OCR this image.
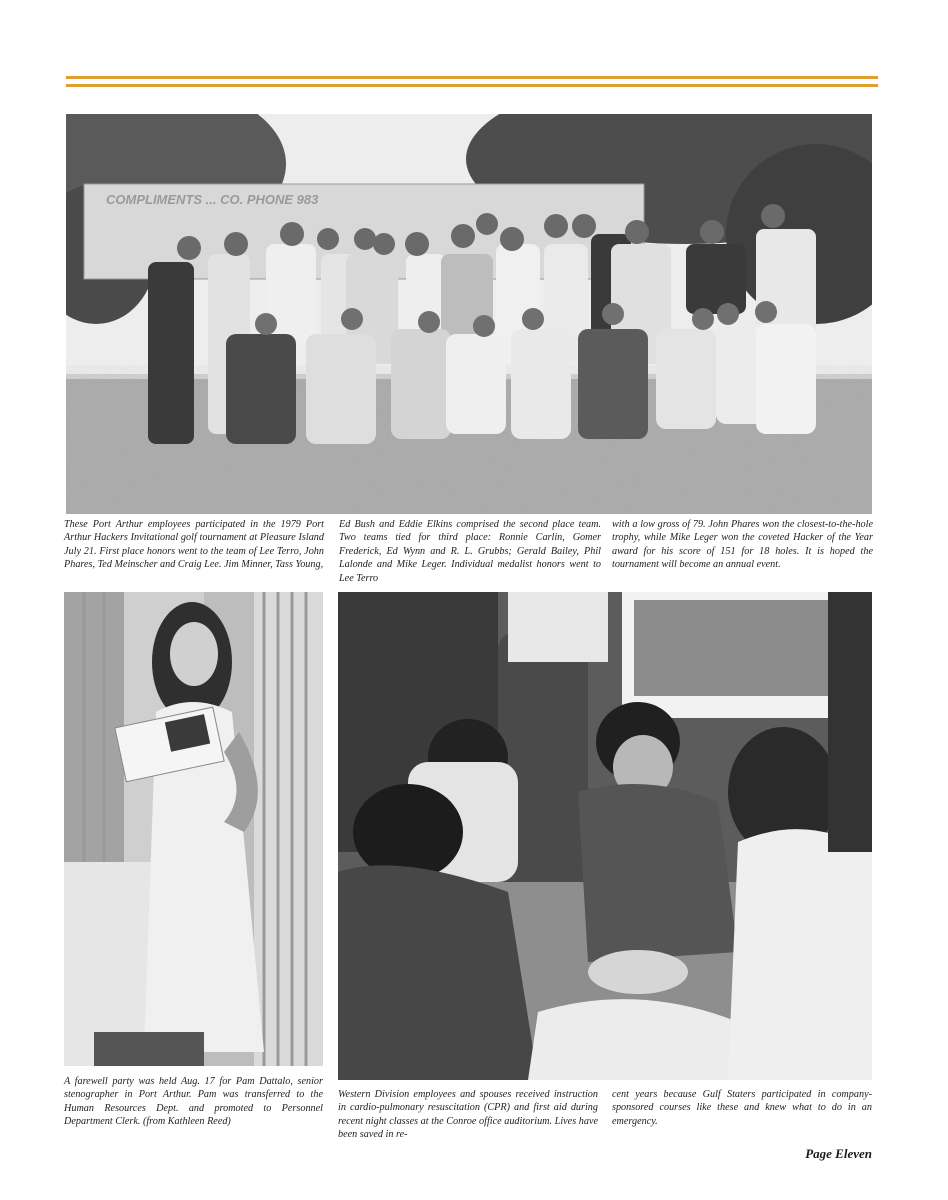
COMPLIMENTS ... CO. PHONE 983
These Port Arthur employees participated in the 1979 Port Arthur Hackers Invitational golf tournament at Pleasure Island July 21. First place honors went to the team of Lee Terro, John Phares, Ted Meinscher and Craig Lee. Jim Minner, Tass Young,
Ed Bush and Eddie Elkins comprised the second place team. Two teams tied for third place: Ronnie Carlin, Gomer Frederick, Ed Wynn and R. L. Grubbs; Gerald Bailey, Phil Lalonde and Mike Leger. Individual medalist honors went to Lee Terro
with a low gross of 79. John Phares won the closest-to-the-hole trophy, while Mike Leger won the coveted Hacker of the Year award for his score of 151 for 18 holes. It is hoped the tournament will become an annual event.
A farewell party was held Aug. 17 for Pam Dattalo, senior stenographer in Port Arthur. Pam was transferred to the Human Resources Dept. and promoted to Personnel Department Clerk. (from Kathleen Reed)
Western Division employees and spouses received instruction in cardio-pulmonary resuscitation (CPR) and first aid during recent night classes at the Conroe office auditorium. Lives have been saved in re-
cent years because Gulf Staters participated in company-sponsored courses like these and knew what to do in an emergency.
Page Eleven
